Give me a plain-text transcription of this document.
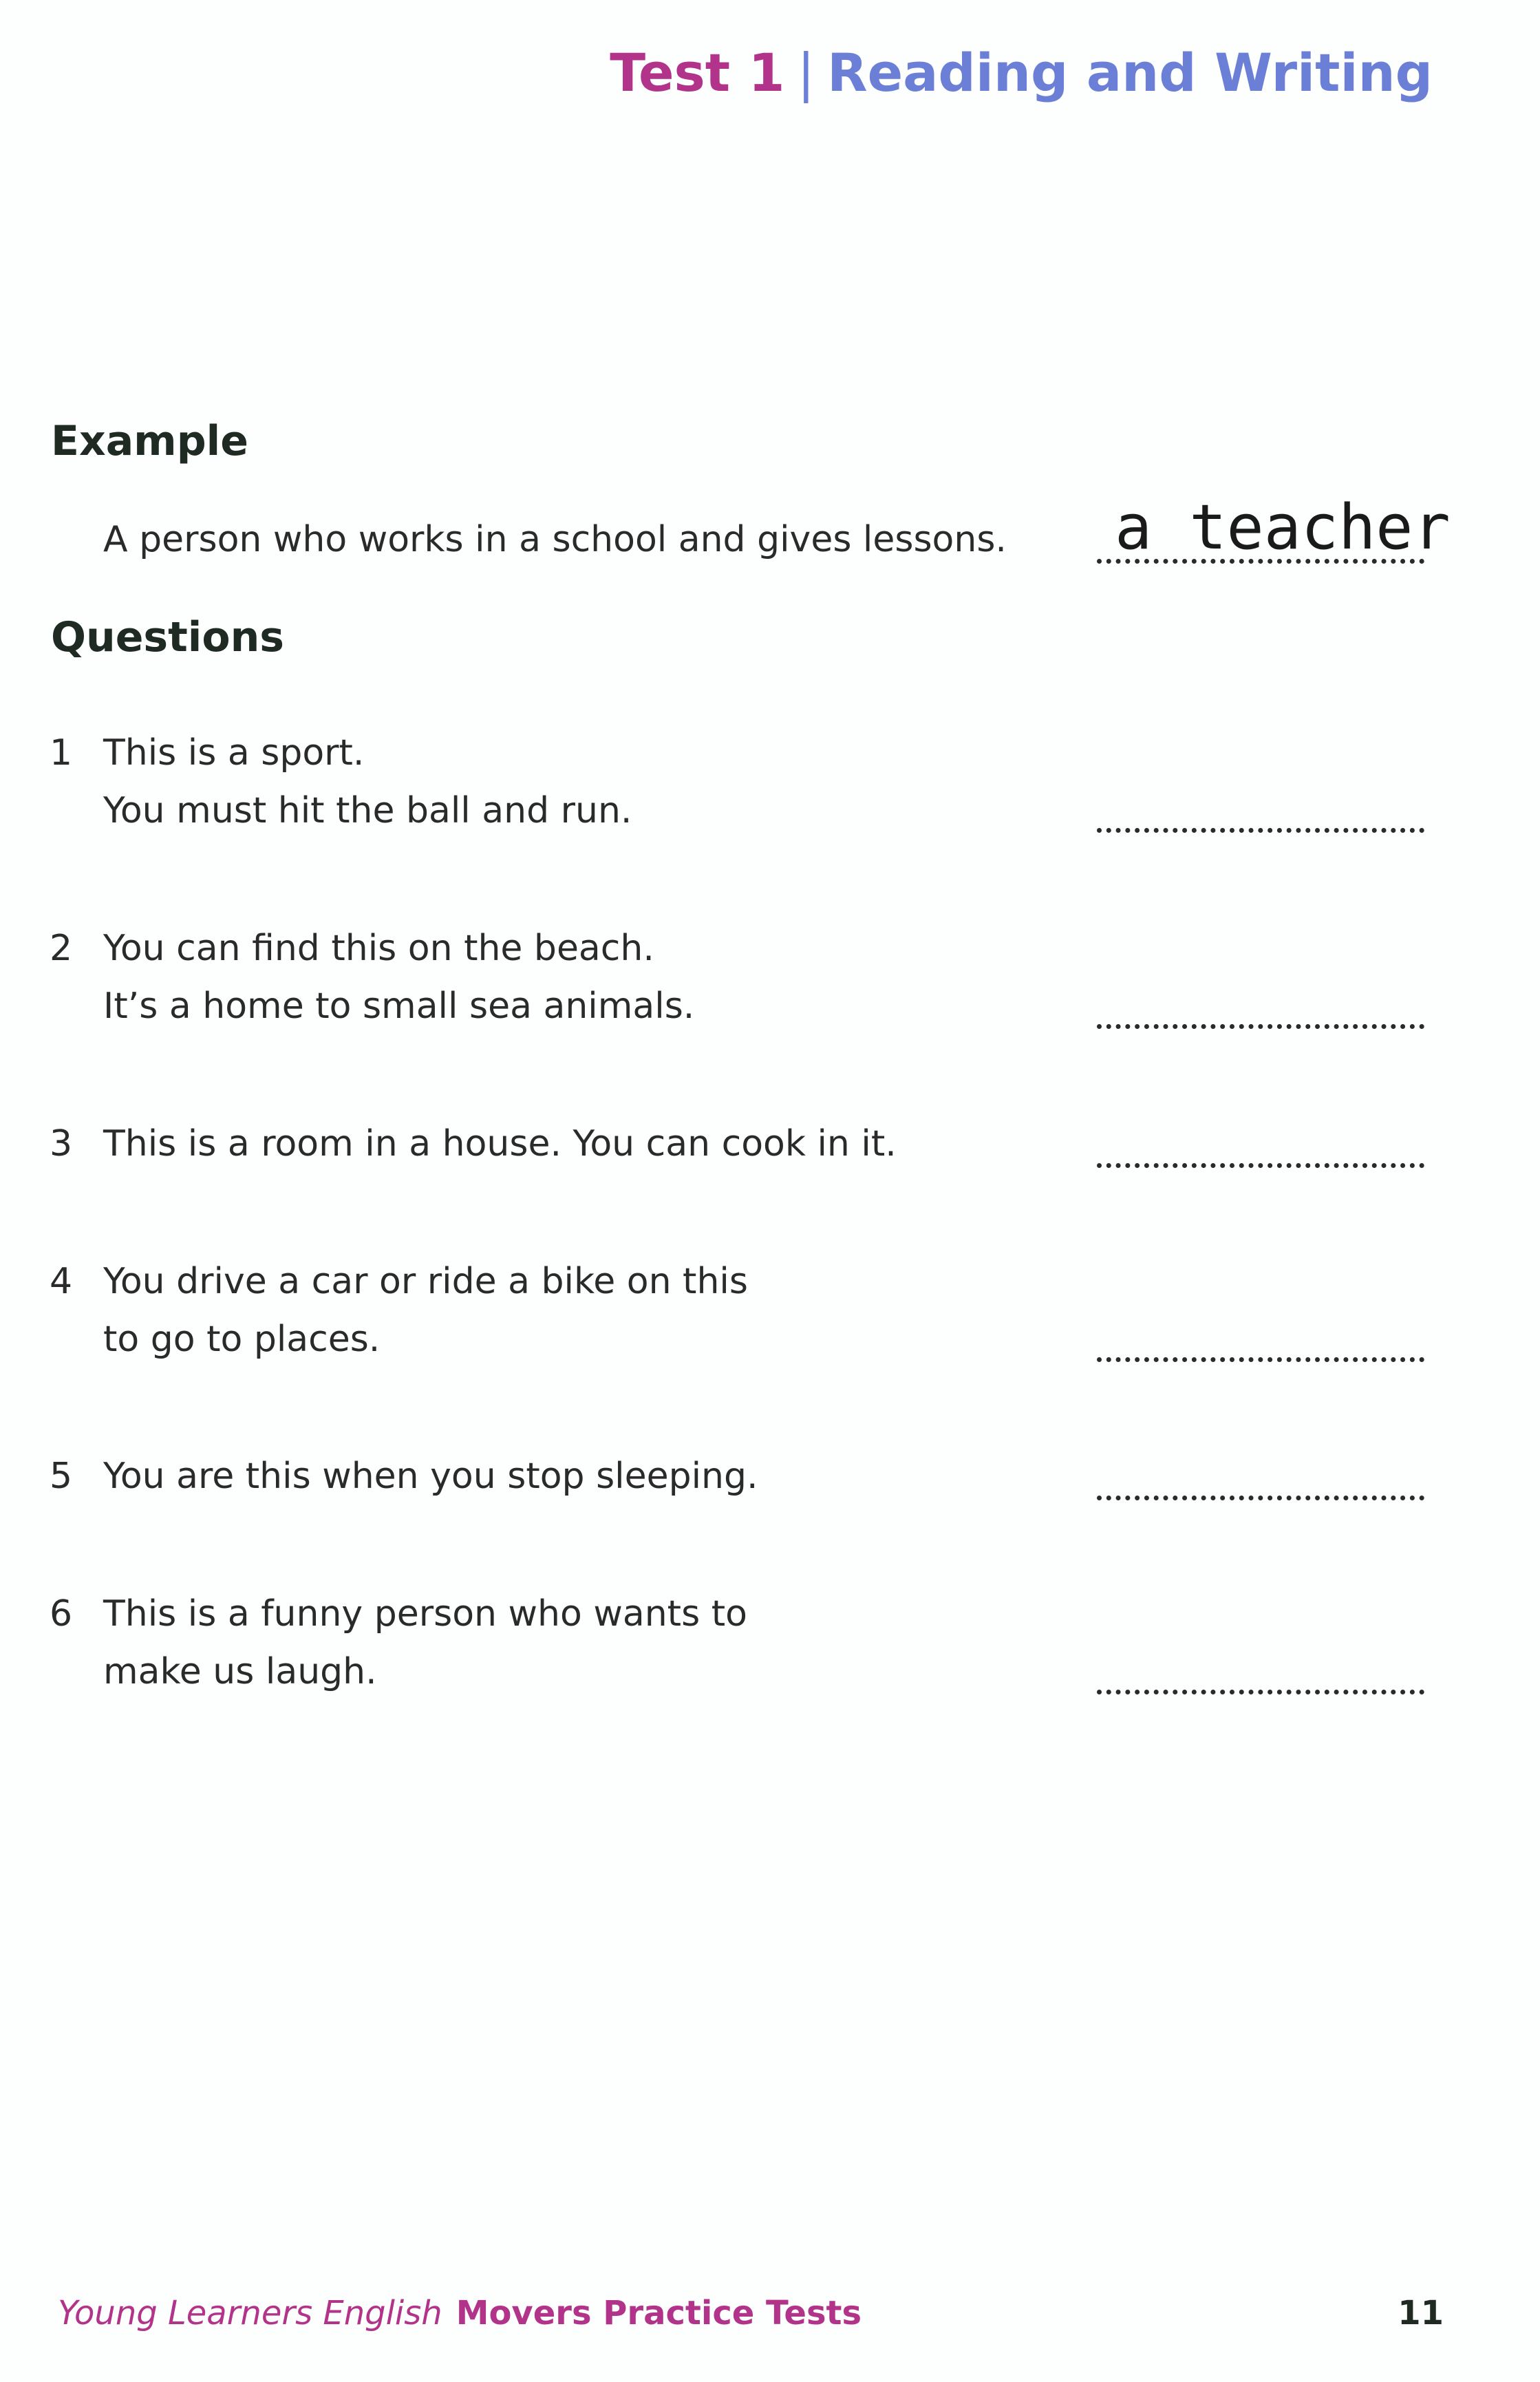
Test 1 | Reading and Writing
Example
A person who works in a school and gives lessons.	a teacher
Questions
1 This is a sport.
You must hit the ball and run.
2 You can find this on the beach.
It’s a home to small sea animals.
3 This is a room in a house. You can cook in it.
4 You drive a car or ride a bike on this
to go to places.
5 You are this when you stop sleeping.
6 This is a funny person who wants to
make us laugh.
Young Learners English Movers Practice Tests	11
